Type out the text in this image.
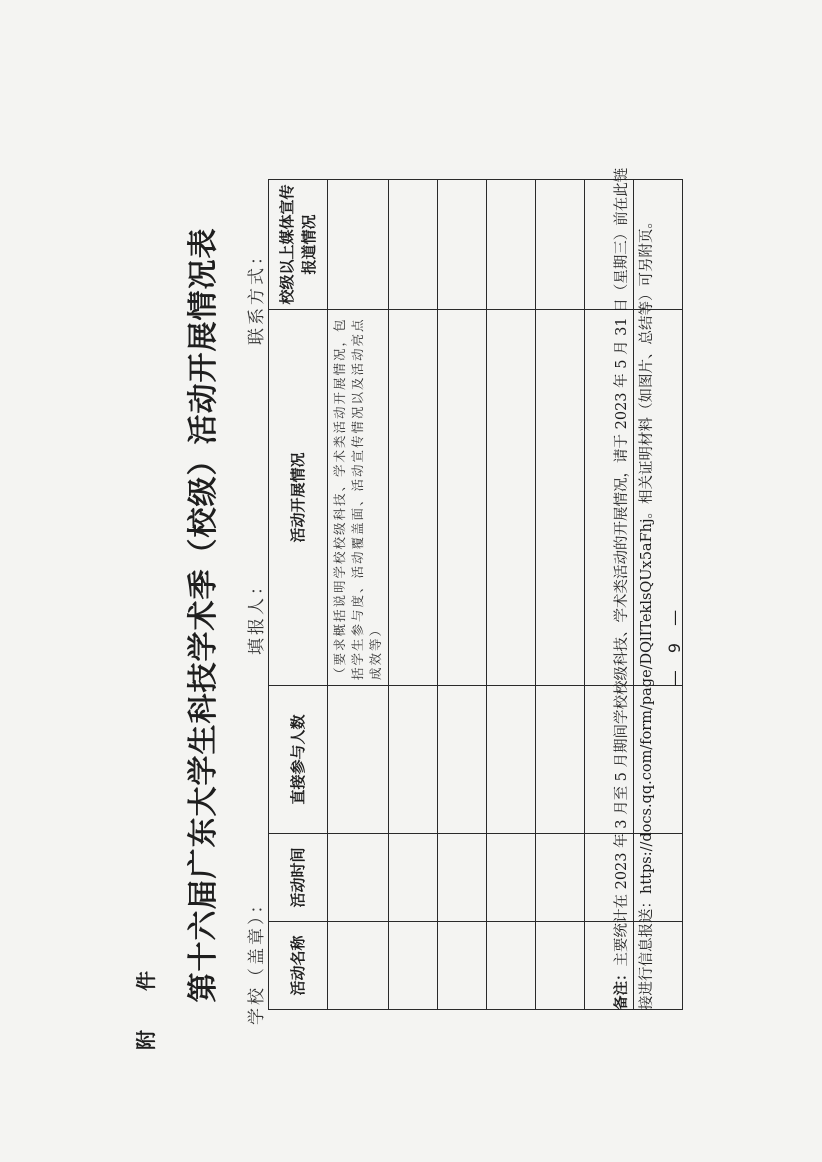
附 件
第十六届广东大学生科技学术季（校级）活动开展情况表 学校（盖章）：
填报人：
联系方式：
活动名称	活动时间	直接参与人数	活动开展情况	校级以上媒体宣传报道情况

			（要求概括说明学校校级科技、学术类活动开展情况，包括学生参与度、活动覆盖面、活动宣传情况以及活动亮点成效等）	

备注：主要统计在 2023 年 3 月至 5 月期间学校校级科技、学术类活动的开展情况，请于 2023 年 5 月 31 日（星期三）前在此链接进行信息报送：https://docs.qq.com/form/page/DQlITeklsQUx5aFhj。相关证明材料（如图片、总结等）可另附页。 — 9 —
